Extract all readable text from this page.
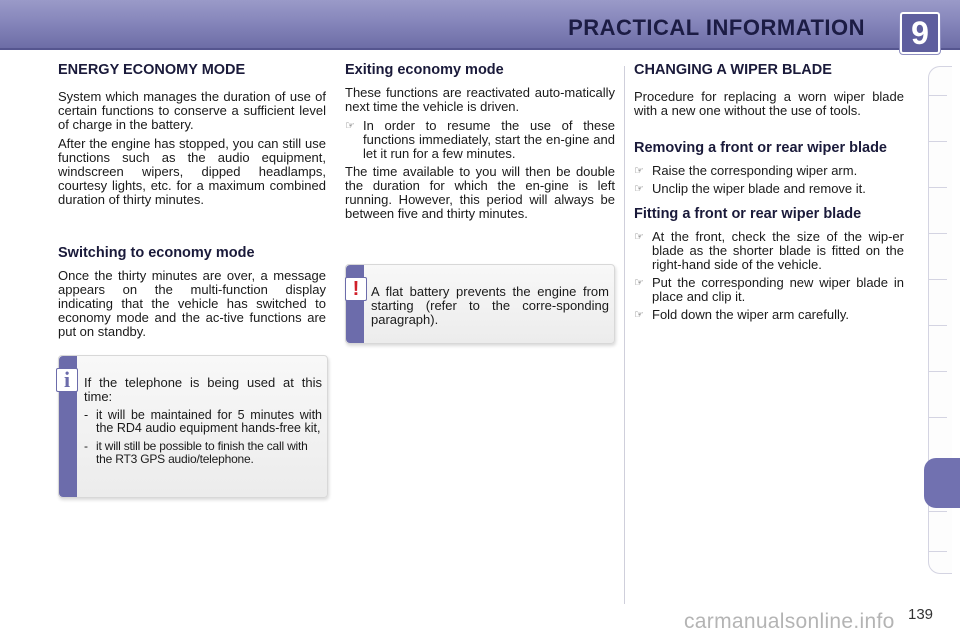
PRACTICAL INFORMATION 9
ENERGY ECONOMY MODE

System which manages the duration of use of certain functions to conserve a sufficient level of charge in the battery.

After the engine has stopped, you can still use functions such as the audio equipment, windscreen wipers, dipped headlamps, courtesy lights, etc. for a maximum combined duration of thirty minutes.

Switching to economy mode

Once the thirty minutes are over, a message appears on the multi-function display indicating that the vehicle has switched to economy mode and the ac-tive functions are put on standby.

i	If the telephone is being used at this time:

- it will be maintained for 5 minutes with the RD4 audio equipment hands-free kit,
- it will still be possible to finish the call with the RT3 GPS audio/telephone.
Exiting economy mode

These functions are reactivated auto-matically next time the vehicle is driven.

☞ In order to resume the use of these functions immediately, start the en-gine and let it run for a few minutes.

The time available to you will then be double the duration for which the en-gine is left running. However, this period will always be between five and thirty minutes.

! A flat battery prevents the engine from starting (refer to the corre-sponding paragraph).
CHANGING A WIPER BLADE

Procedure for replacing a worn wiper blade with a new one without the use of tools.

Removing a front or rear wiper blade
☞ Raise the corresponding wiper arm.
☞ Unclip the wiper blade and remove it.
Fitting a front or rear wiper blade
☞ At the front, check the size of the wip-er blade as the shorter blade is fitted on the right-hand side of the vehicle.
☞ Put the corresponding new wiper blade in place and clip it.
☞ Fold down the wiper arm carefully.
139
carmanualsonline.info
